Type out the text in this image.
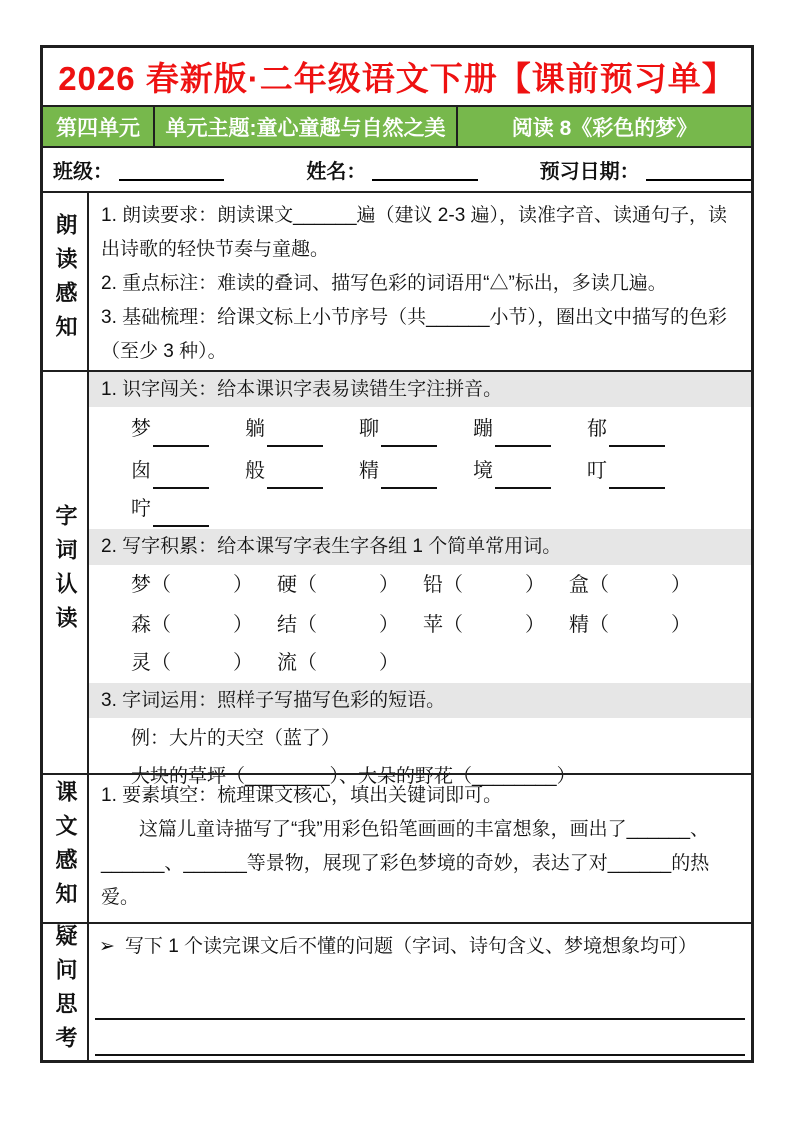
2026 春新版·二年级语文下册【课前预习单】
第四单元	单元主题:童心童趣与自然之美	阅读 8《彩色的梦》
班级：	姓名：	预习日期：
朗读感知 1. 朗读要求：朗读课文______遍（建议 2-3 遍），读准字音、读通句子，读出诗歌的轻快节奏与童趣。

2. 重点标注：难读的叠词、描写色彩的词语用“△”标出，多读几遍。

3. 基础梳理：给课文标上小节序号（共______小节），圈出文中描写的色彩（至少 3 种）。

字词认读
1. 识字闯关：给本课识字表易读错生字注拼音。
梦	躺	聊	蹦	郁
囱	般	精	境	叮
咛
2. 写字积累：给本课写字表生字各组 1 个简单常用词。
梦 （	） 硬 （	） 铅 （	） 盒 （	）
森 （	） 结 （	） 苹 （	） 精 （	）
灵 （	） 流 （	）
3. 字词运用：照样子写描写色彩的短语。

例：大片的天空（蓝了）

大块的草坪（________）、大朵的野花（________）

课文感知	1. 要素填空：梳理课文核心，填出关键词即可。

这篇儿童诗描写了“我”用彩色铅笔画画的丰富想象，画出了______、______、______等景物，展现了彩色梦境的奇妙，表达了对______的热爱。

疑问思考 ➢ 写下 1 个读完课文后不懂的问题（字词、诗句含义、梦境想象均可）
